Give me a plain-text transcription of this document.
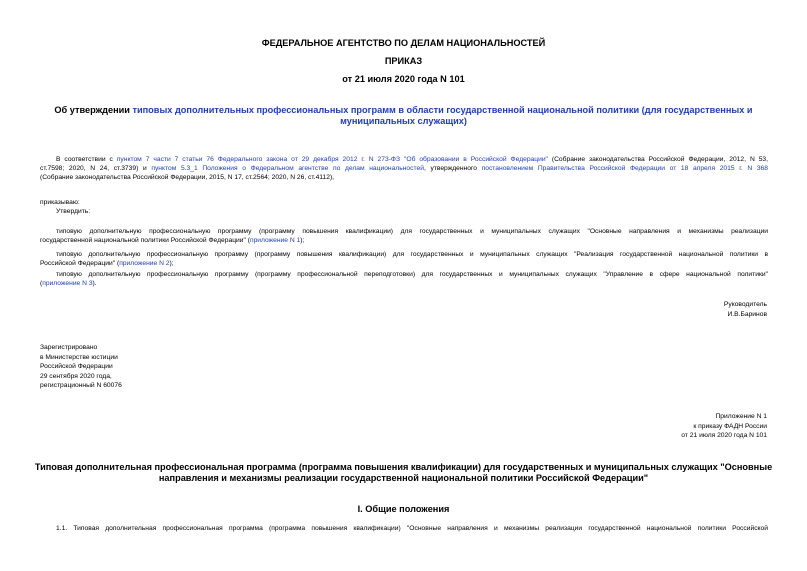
ФЕДЕРАЛЬНОЕ АГЕНТСТВО ПО ДЕЛАМ НАЦИОНАЛЬНОСТЕЙ
ПРИКАЗ
от 21 июля 2020 года N 101
Об утверждении типовых дополнительных профессиональных программ в области государственной национальной политики (для государственных и
муниципальных служащих)
В соответствии с пунктом 7 части 7 статьи 76 Федерального закона от 29 декабря 2012 г. N 273-ФЗ "Об образовании в Российской Федерации" (Собрание законодательства Российской Федерации, 2012, N 53,
ст.7598; 2020, N 24, ст.3739) и пунктом 5.3_1 Положения о Федеральном агентстве по делам национальностей, утвержденного постановлением Правительства Российской Федерации от 18 апреля 2015 г. N 368
(Собрание законодательства Российской Федерации, 2015, N 17, ст.2564; 2020, N 26, ст.4112),
приказываю:
Утвердить:
типовую дополнительную профессиональную программу (программу повышения квалификации) для государственных и муниципальных служащих "Основные направления и механизмы реализации
государственной национальной политики Российской Федерации" (приложение N 1);
типовую дополнительную профессиональную программу (программу повышения квалификации) для государственных и муниципальных служащих "Реализация государственной национальной политики в
Российской Федерации" (приложение N 2);
типовую дополнительную профессиональную программу (программу профессиональной переподготовки) для государственных и муниципальных служащих "Управление в сфере национальной политики"
(приложение N 3).
Руководитель
И.В.Баринов
Зарегистрировано
в Министерстве юстиции
Российской Федерации
29 сентября 2020 года,
регистрационный N 60076
Приложение N 1
к приказу ФАДН России
от 21 июля 2020 года N 101
Типовая дополнительная профессиональная программа (программа повышения квалификации) для государственных и муниципальных служащих "Основные
направления и механизмы реализации государственной национальной политики Российской Федерации"
I. Общие положения
1.1. Типовая дополнительная профессиональная программа (программа повышения квалификации) "Основные направления и механизмы реализации государственной национальной политики Российской
